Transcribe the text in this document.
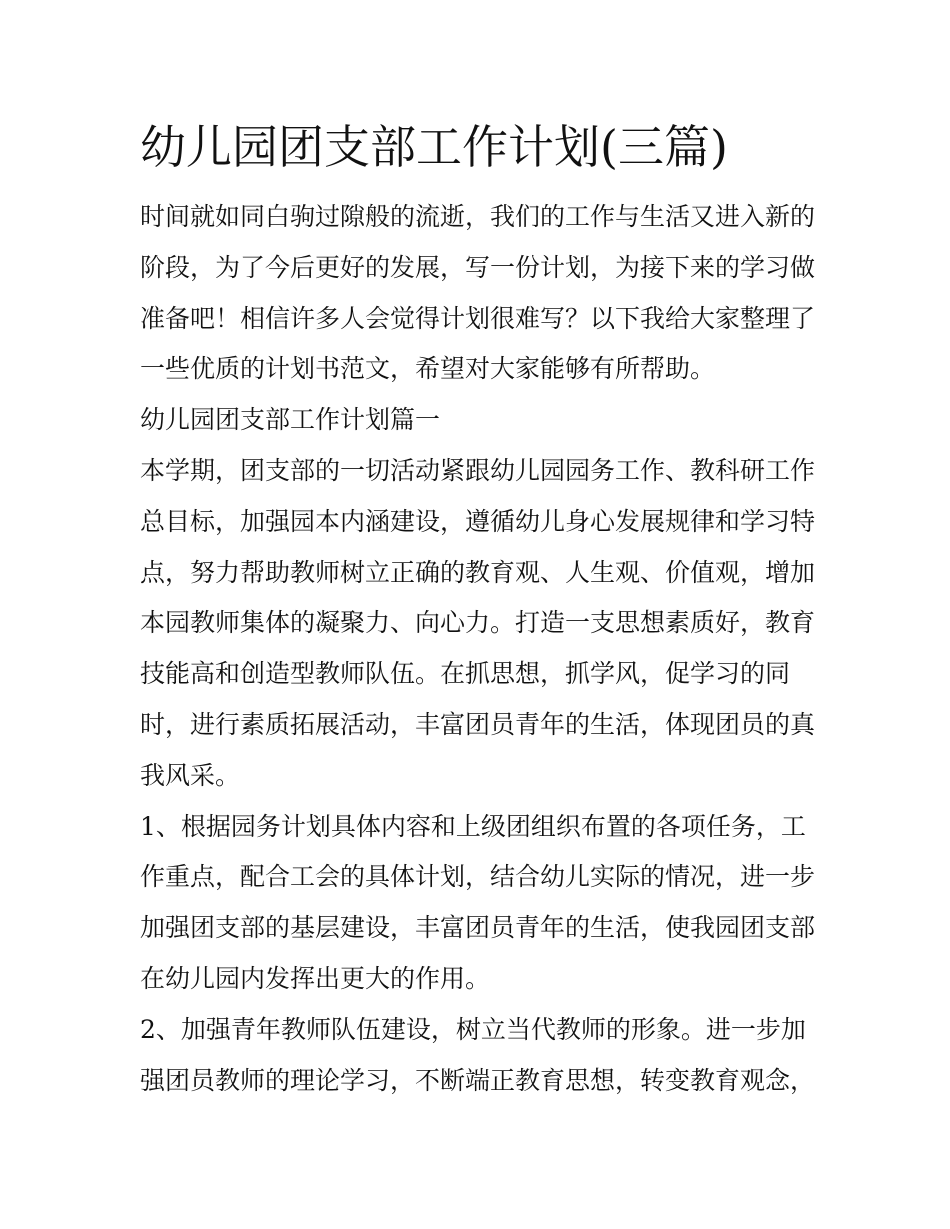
幼儿园团支部工作计划(三篇)

时间就如同白驹过隙般的流逝，我们的工作与生活又进入新的
阶段，为了今后更好的发展，写一份计划，为接下来的学习做
准备吧！相信许多人会觉得计划很难写？以下我给大家整理了
一些优质的计划书范文，希望对大家能够有所帮助。

幼儿园团支部工作计划篇一

本学期，团支部的一切活动紧跟幼儿园园务工作、教科研工作
总目标，加强园本内涵建设，遵循幼儿身心发展规律和学习特
点，努力帮助教师树立正确的教育观、人生观、价值观，增加
本园教师集体的凝聚力、向心力。打造一支思想素质好，教育
技能高和创造型教师队伍。在抓思想，抓学风，促学习的同
时，进行素质拓展活动，丰富团员青年的生活，体现团员的真
我风采。

1、根据园务计划具体内容和上级团组织布置的各项任务，工
作重点，配合工会的具体计划，结合幼儿实际的情况，进一步
加强团支部的基层建设，丰富团员青年的生活，使我园团支部
在幼儿园内发挥出更大的作用。

2、加强青年教师队伍建设，树立当代教师的形象。进一步加
强团员教师的理论学习，不断端正教育思想，转变教育观念，
